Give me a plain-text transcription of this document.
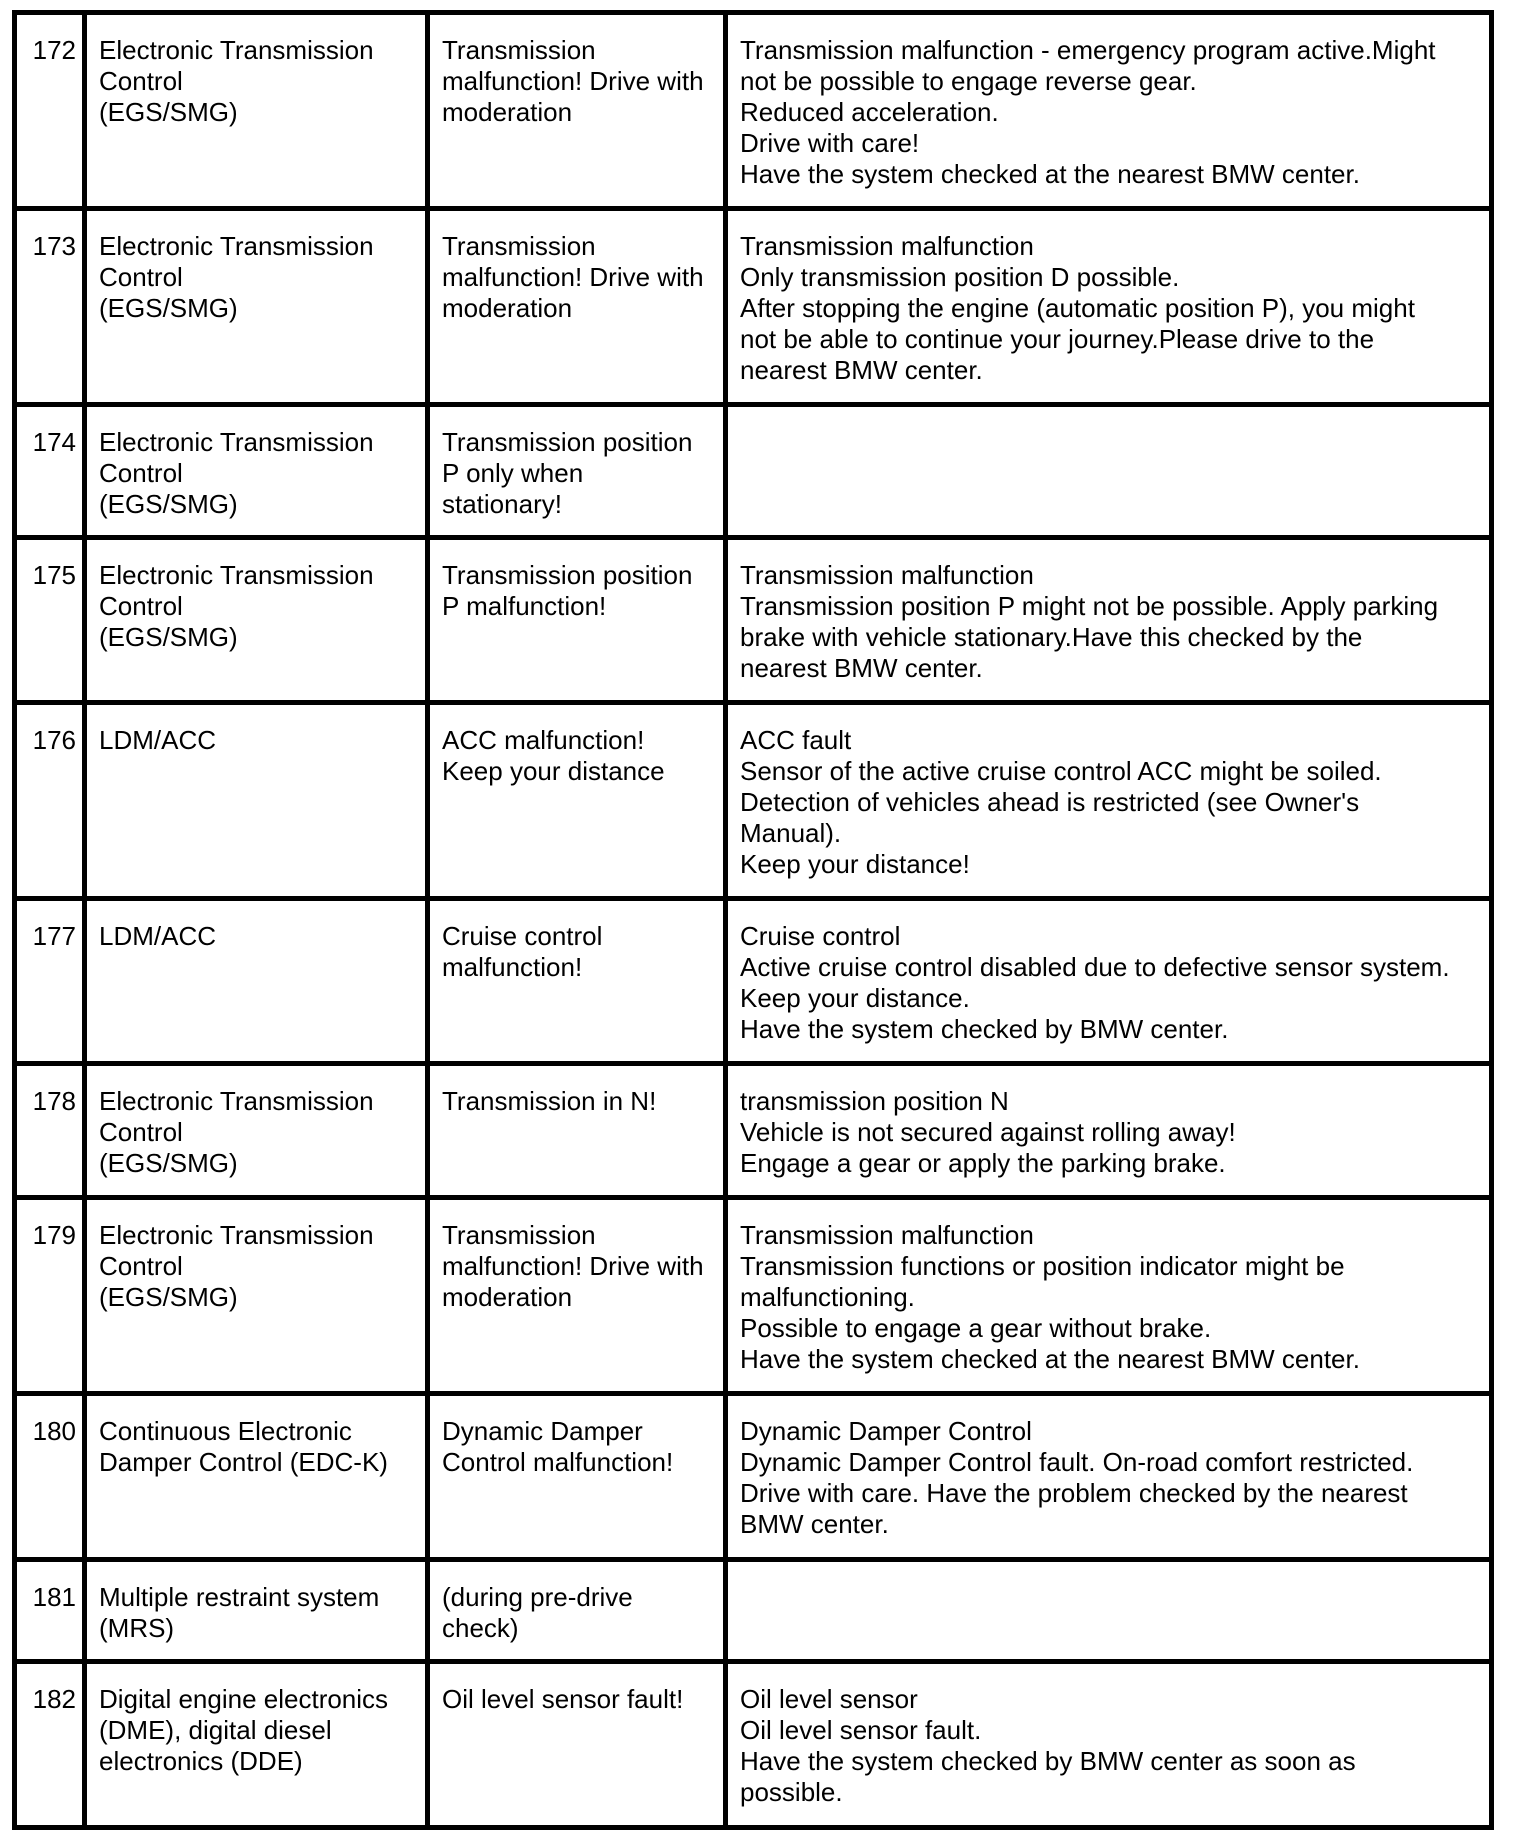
172	Electronic Transmission
Control
(EGS/SMG)	Transmission
malfunction! Drive with
moderation	Transmission malfunction - emergency program active.Might
not be possible to engage reverse gear.
Reduced acceleration.
Drive with care!
Have the system checked at the nearest BMW center.
173	Electronic Transmission
Control
(EGS/SMG)	Transmission
malfunction! Drive with
moderation	Transmission malfunction
Only transmission position D possible.
After stopping the engine (automatic position P), you might
not be able to continue your journey.Please drive to the
nearest BMW center.
174	Electronic Transmission
Control
(EGS/SMG)	Transmission position
P only when
stationary!	
175	Electronic Transmission
Control
(EGS/SMG)	Transmission position
P malfunction!	Transmission malfunction
Transmission position P might not be possible. Apply parking
brake with vehicle stationary.Have this checked by the
nearest BMW center.
176	LDM/ACC	ACC malfunction!
Keep your distance	ACC fault
Sensor of the active cruise control ACC might be soiled.
Detection of vehicles ahead is restricted (see Owner's
Manual).
Keep your distance!
177	LDM/ACC	Cruise control
malfunction!	Cruise control
Active cruise control disabled due to defective sensor system.
Keep your distance.
Have the system checked by BMW center.
178	Electronic Transmission
Control
(EGS/SMG)	Transmission in N!	transmission position N
Vehicle is not secured against rolling away!
Engage a gear or apply the parking brake.
179	Electronic Transmission
Control
(EGS/SMG)	Transmission
malfunction! Drive with
moderation	Transmission malfunction
Transmission functions or position indicator might be
malfunctioning.
Possible to engage a gear without brake.
Have the system checked at the nearest BMW center.
180	Continuous Electronic
Damper Control (EDC-K)	Dynamic Damper
Control malfunction!	Dynamic Damper Control
Dynamic Damper Control fault. On-road comfort restricted.
Drive with care. Have the problem checked by the nearest
BMW center.
181	Multiple restraint system
(MRS)	(during pre-drive
check)	
182	Digital engine electronics
(DME), digital diesel
electronics (DDE)	Oil level sensor fault!	Oil level sensor
Oil level sensor fault.
Have the system checked by BMW center as soon as
possible.
